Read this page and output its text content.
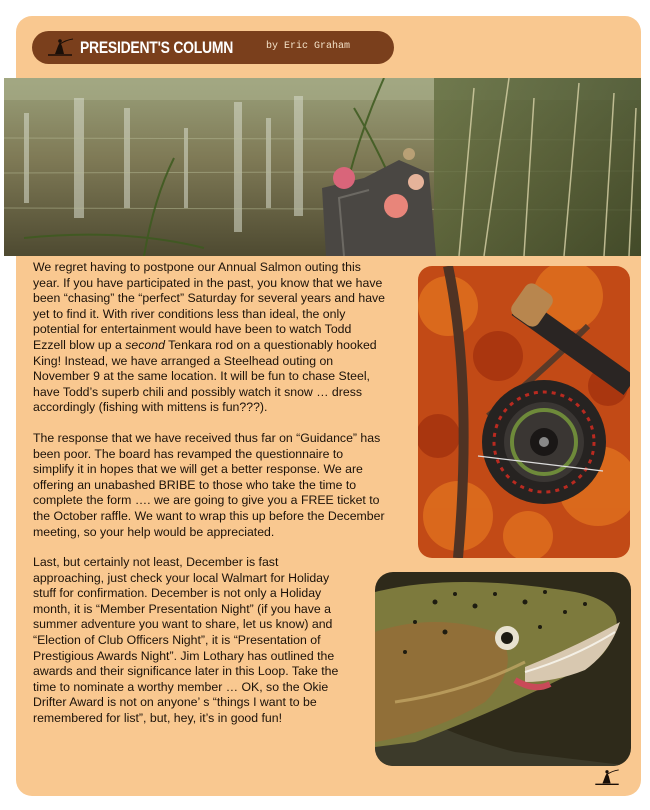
PRESIDENT'S COLUMN	by Eric Graham

We regret having to postpone our Annual Salmon outing this
year. If you have participated in the past, you know that we have
been “chasing” the “perfect” Saturday for several years and have
yet to find it. With river conditions less than ideal, the only
potential for entertainment would have been to watch Todd
Ezzell blow up a second Tenkara rod on a questionably hooked
King! Instead, we have arranged a Steelhead outing on
November 9 at the same location. It will be fun to chase Steel,
have Todd’s superb chili and possibly watch it snow … dress
accordingly (fishing with mittens is fun???).

The response that we have received thus far on “Guidance” has
been poor. The board has revamped the questionnaire to
simplify it in hopes that we will get a better response. We are
offering an unabashed BRIBE to those who take the time to
complete the form …. we are going to give you a FREE ticket to
the October raffle. We want to wrap this up before the December
meeting, so your help would be appreciated.

Last, but certainly not least, December is fast
approaching, just check your local Walmart for Holiday
stuff for confirmation. December is not only a Holiday
month, it is “Member Presentation Night” (if you have a
summer adventure you want to share, let us know) and
“Election of Club Officers Night”, it is “Presentation of
Prestigious Awards Night”. Jim Lothary has outlined the
awards and their significance later in this Loop. Take the
time to nominate a worthy member … OK, so the Okie
Drifter Award is not on anyone’ s “things I want to be
remembered for list”, but, hey, it’s in good fun!
